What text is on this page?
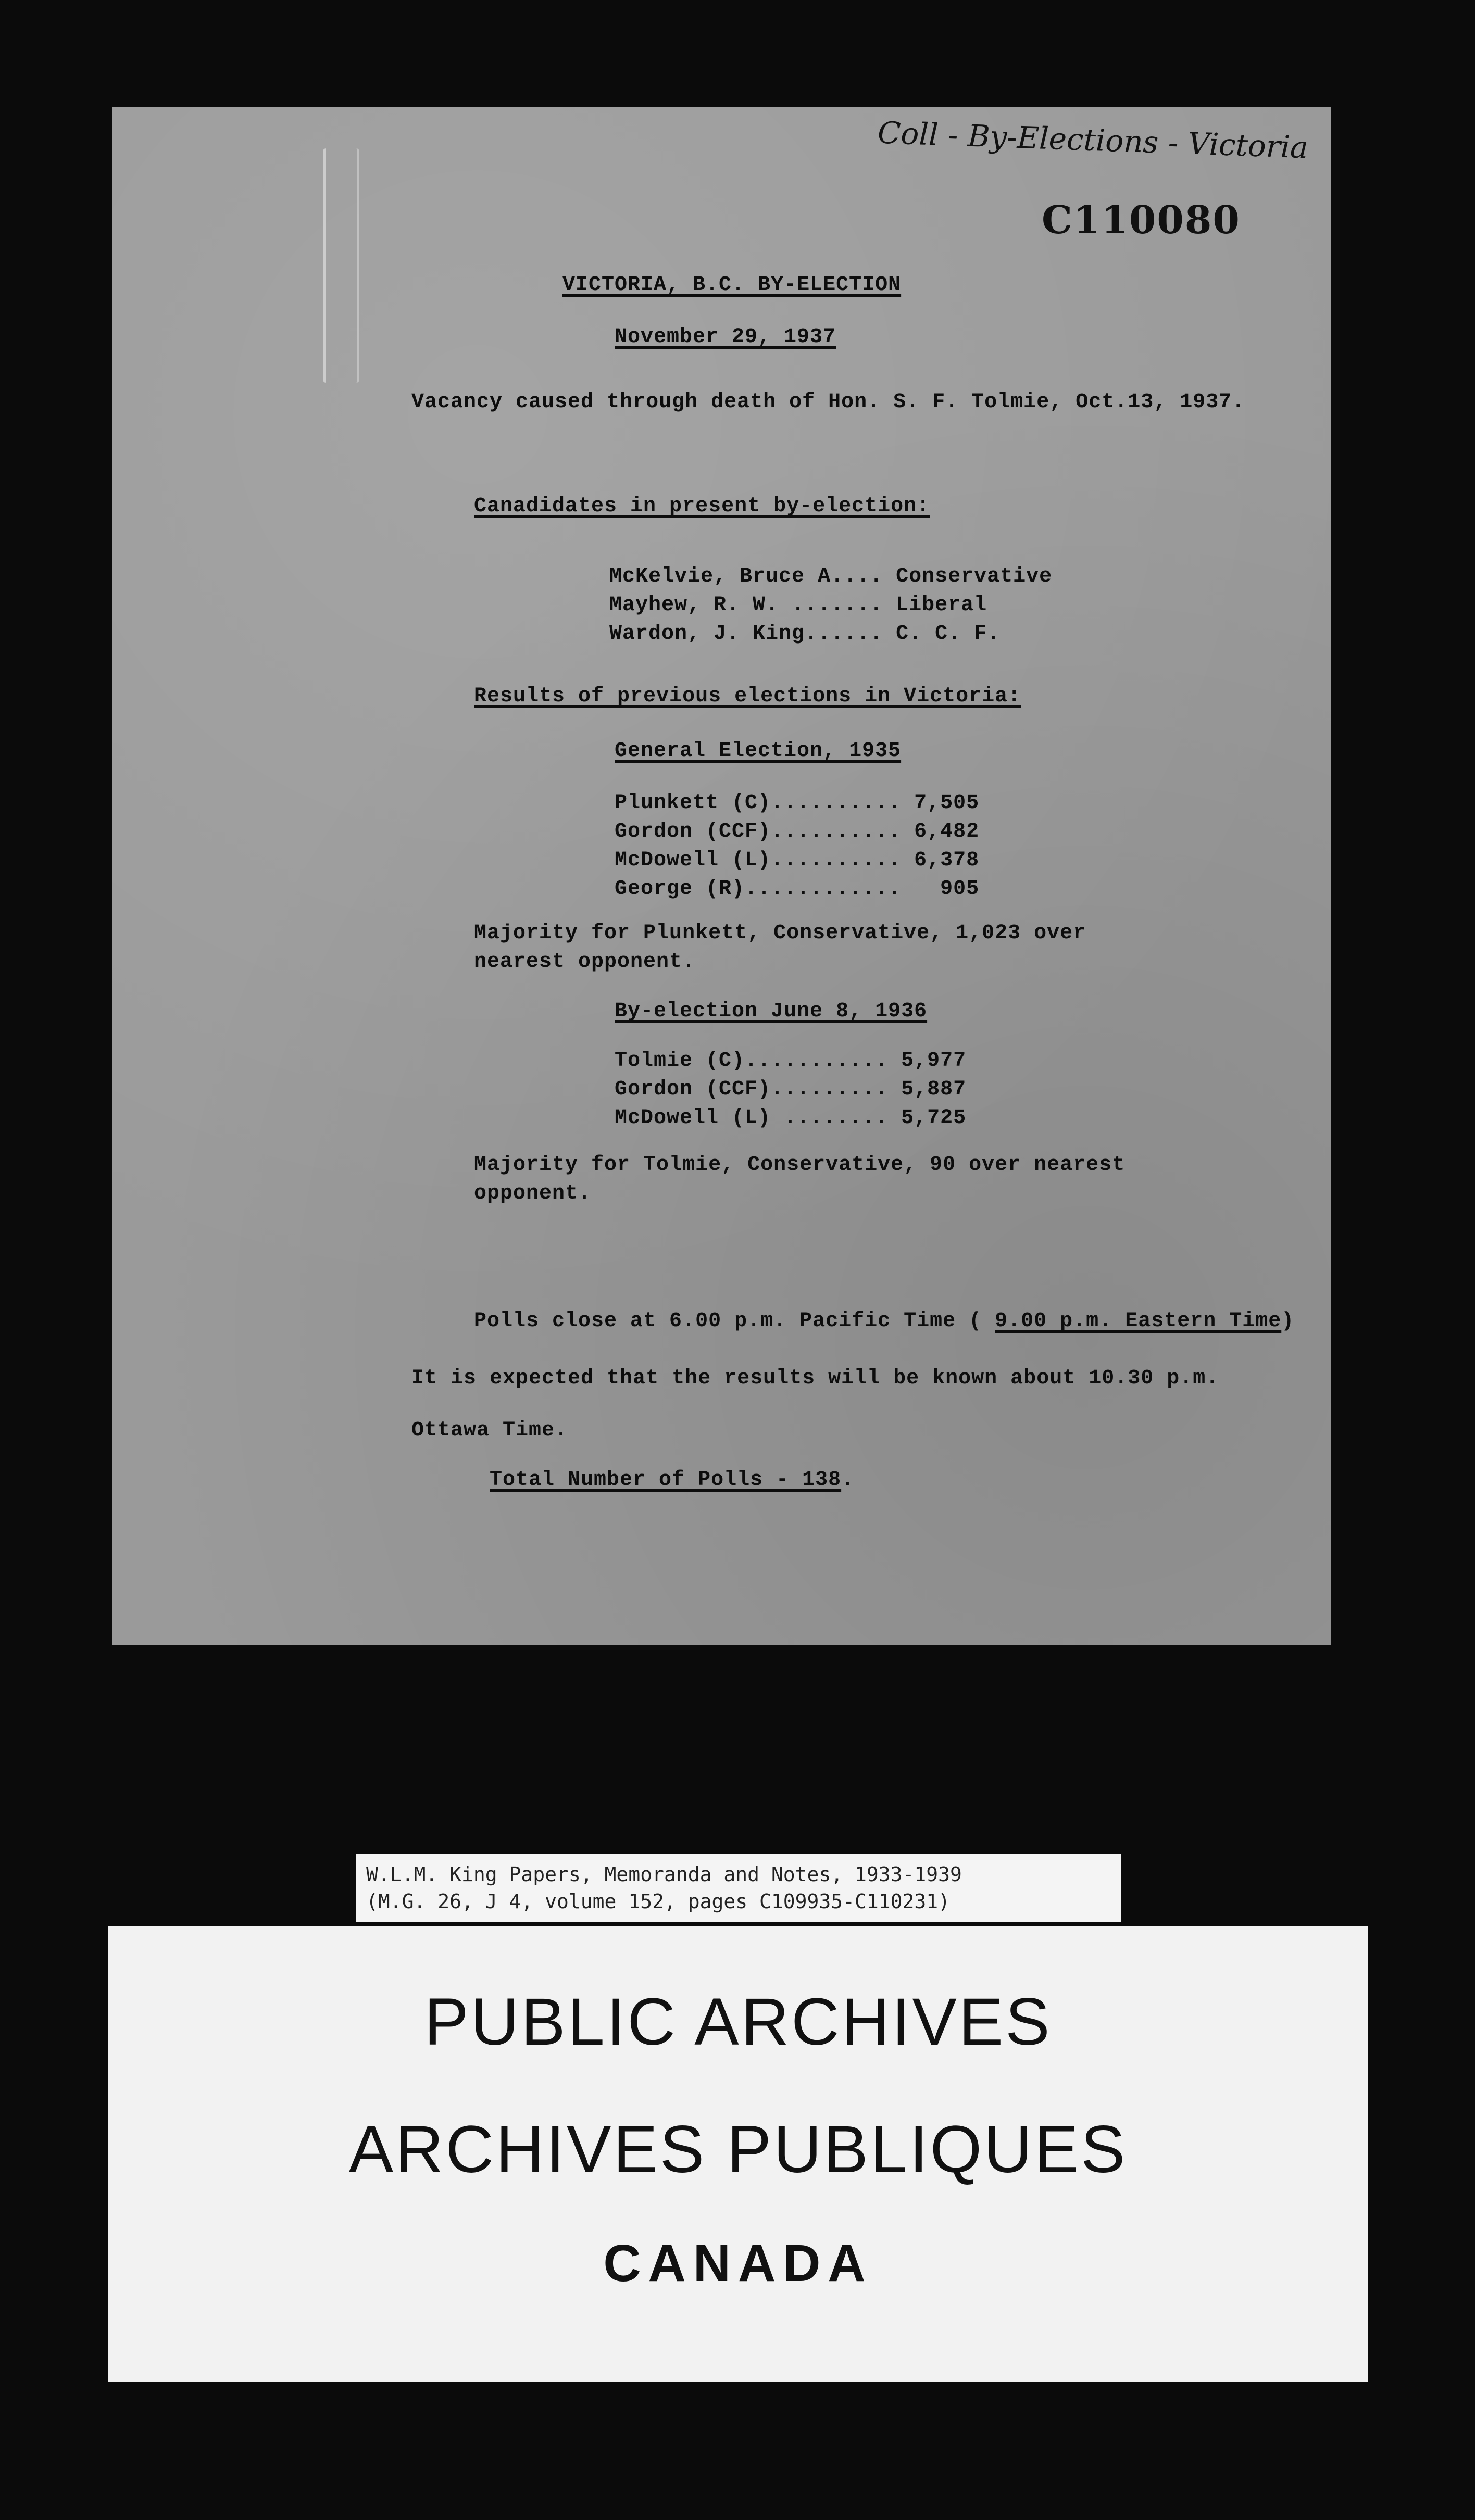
Coll - By-Elections - Victoria
C110080
VICTORIA, B.C. BY-ELECTION
November 29, 1937
Vacancy caused through death of Hon. S. F. Tolmie, Oct.13, 1937.
Canadidates in present by-election:
McKelvie, Bruce A.... Conservative
Mayhew, R. W. ....... Liberal
Wardon, J. King...... C. C. F.
Results of previous elections in Victoria:
General Election, 1935
Plunkett (C).......... 7,505
Gordon (CCF).......... 6,482
McDowell (L).......... 6,378
George (R)............   905
Majority for Plunkett, Conservative, 1,023 over
nearest opponent.
By-election June 8, 1936
Tolmie (C)........... 5,977
Gordon (CCF)......... 5,887
McDowell (L) ........ 5,725
Majority for Tolmie, Conservative, 90 over nearest
opponent.
Polls close at 6.00 p.m. Pacific Time ( 9.00 p.m. Eastern Time)
It is expected that the results will be known about 10.30 p.m.
Ottawa Time.
Total Number of Polls - 138.
W.L.M. King Papers, Memoranda and Notes, 1933-1939
(M.G. 26, J 4, volume 152, pages C109935-C110231)
PUBLIC ARCHIVES
ARCHIVES PUBLIQUES
CANADA
